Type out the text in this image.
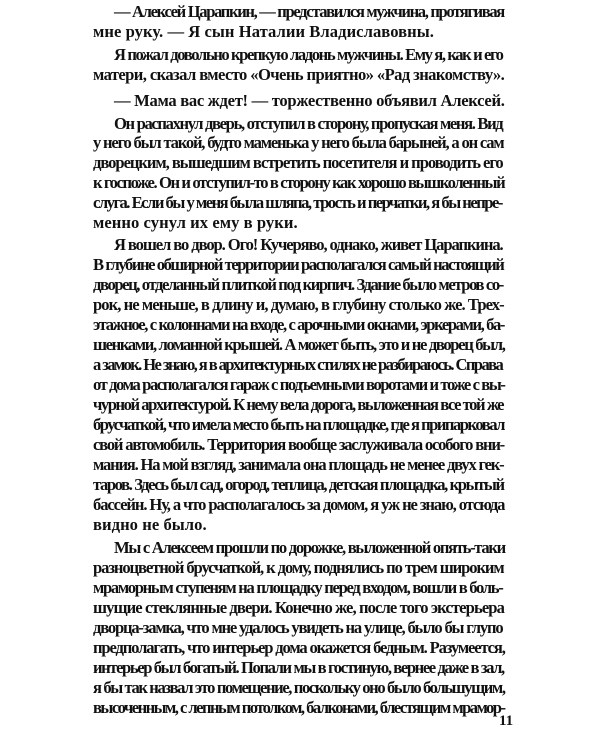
— Алексей Царапкин, — представился мужчина, протягивая
мне руку. — Я сын Наталии Владиславовны.
Я пожал довольно крепкую ладонь мужчины. Ему я, как и его
матери, сказал вместо «Очень приятно» «Рад знакомству».
— Мама вас ждет! — торжественно объявил Алексей.
Он распахнул дверь, отступил в сторону, пропуская меня. Вид
у него был такой, будто маменька у него была барыней, а он сам
дворецким, вышедшим встретить посетителя и проводить его
к госпоже. Он и отступил-то в сторону как хорошо вышколенный
слуга. Если бы у меня была шляпа, трость и перчатки, я бы непре-
менно сунул их ему в руки.
Я вошел во двор. Ого! Кучеряво, однако, живет Царапкина.
В глубине обширной территории располагался самый настоящий
дворец, отделанный плиткой под кирпич. Здание было метров со-
рок, не меньше, в длину и, думаю, в глубину столько же. Трех-
этажное, с колоннами на входе, с арочными окнами, эркерами, ба-
шенками, ломанной крышей. А может быть, это и не дворец был,
а замок. Не знаю, я в архитектурных стилях не разбираюсь. Справа
от дома располагался гараж с подъемными воротами и тоже с вы-
чурной архитектурой. К нему вела дорога, выложенная все той же
брусчаткой, что имела место быть на площадке, где я припарковал
свой автомобиль. Территория вообще заслуживала особого вни-
мания. На мой взгляд, занимала она площадь не менее двух гек-
таров. Здесь был сад, огород, теплица, детская площадка, крытый
бассейн. Ну, а что располагалось за домом, я уж не знаю, отсюда
видно не было.
Мы с Алексеем прошли по дорожке, выложенной опять-таки
разноцветной брусчаткой, к дому, поднялись по трем широким
мраморным ступеням на площадку перед входом, вошли в боль-
шущие стеклянные двери. Конечно же, после того экстерьера
дворца-замка, что мне удалось увидеть на улице, было бы глупо
предполагать, что интерьер дома окажется бедным. Разумеется,
интерьер был богатый. Попали мы в гостиную, вернее даже в зал,
я бы так назвал это помещение, поскольку оно было большущим,
высоченным, с лепным потолком, балконами, блестящим мрамор-
11
